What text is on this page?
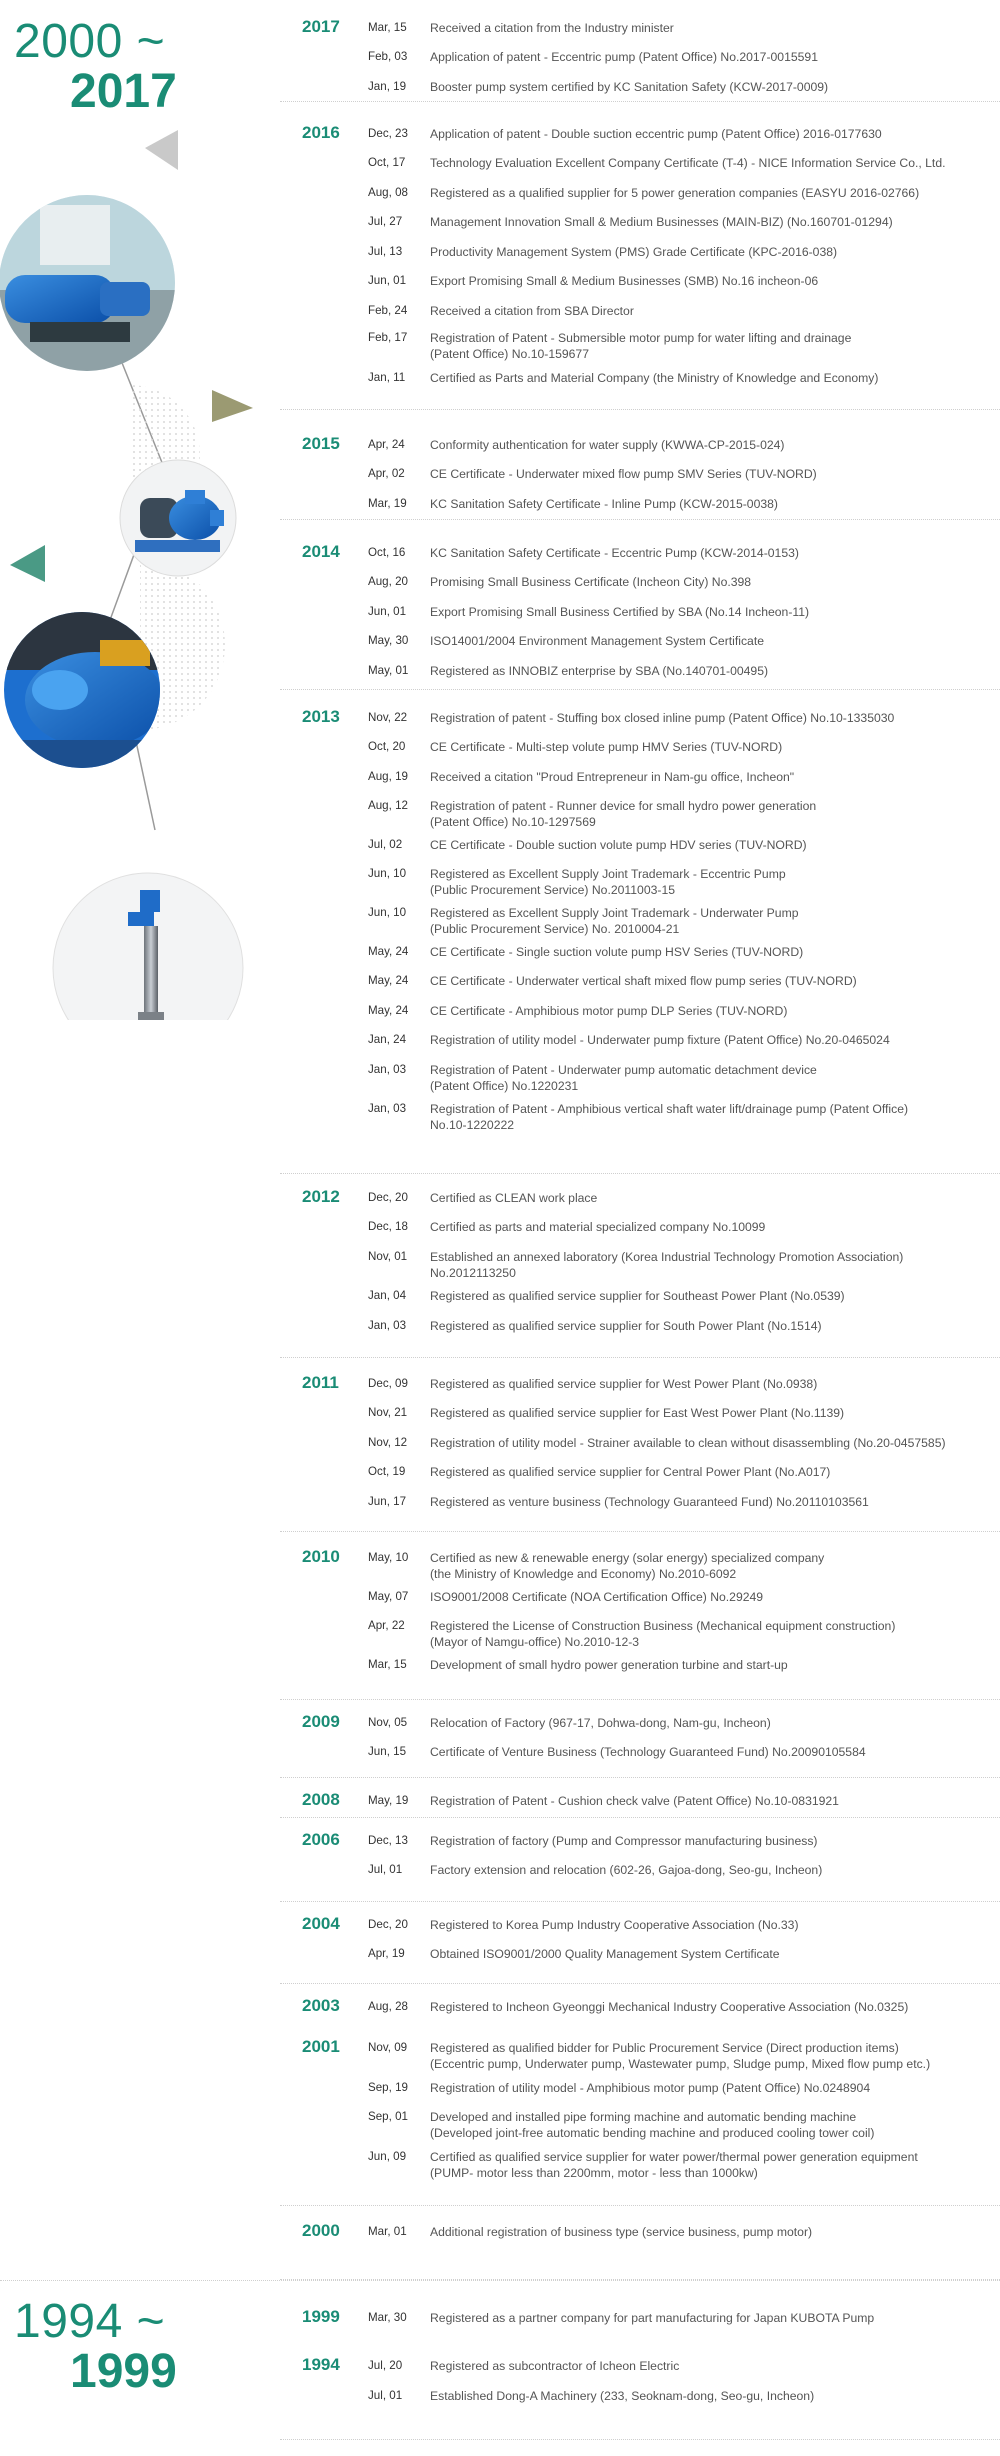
2000 ~
2017
1994 ~
1999
2017 Mar, 15	Received a citation from the Industry minister
Feb, 03	Application of patent - Eccentric pump (Patent Office) No.2017-0015591
Jan, 19	Booster pump system certified by KC Sanitation Safety (KCW-2017-0009)
2016 Dec, 23	Application of patent - Double suction eccentric pump (Patent Office) 2016-0177630
Oct, 17	Technology Evaluation Excellent Company Certificate (T-4) - NICE Information Service Co., Ltd.
Aug, 08	Registered as a qualified supplier for 5 power generation companies (EASYU 2016-02766)
Jul, 27	Management Innovation Small & Medium Businesses (MAIN-BIZ) (No.160701-01294)
Jul, 13	Productivity Management System (PMS) Grade Certificate (KPC-2016-038)
Jun, 01	Export Promising Small & Medium Businesses (SMB) No.16 incheon-06
Feb, 24	Received a citation from SBA Director
Feb, 17	Registration of Patent - Submersible motor pump for water lifting and drainage
(Patent Office) No.10-159677
Jan, 11	Certified as Parts and Material Company (the Ministry of Knowledge and Economy)
2015 Apr, 24	Conformity authentication for water supply (KWWA-CP-2015-024)
Apr, 02	CE Certificate - Underwater mixed flow pump SMV Series (TUV-NORD)
Mar, 19	KC Sanitation Safety Certificate - Inline Pump (KCW-2015-0038)
2014 Oct, 16	KC Sanitation Safety Certificate - Eccentric Pump (KCW-2014-0153)
Aug, 20	Promising Small Business Certificate (Incheon City) No.398
Jun, 01	Export Promising Small Business Certified by SBA (No.14 Incheon-11)
May, 30	ISO14001/2004 Environment Management System Certificate
May, 01	Registered as INNOBIZ enterprise by SBA (No.140701-00495)
2013 Nov, 22	Registration of patent - Stuffing box closed inline pump (Patent Office) No.10-1335030
Oct, 20	CE Certificate - Multi-step volute pump HMV Series (TUV-NORD)
Aug, 19	Received a citation "Proud Entrepreneur in Nam-gu office, Incheon"
Aug, 12	Registration of patent - Runner device for small hydro power generation
(Patent Office) No.10-1297569
Jul, 02	CE Certificate - Double suction volute pump HDV series (TUV-NORD)
Jun, 10	Registered as Excellent Supply Joint Trademark - Eccentric Pump
(Public Procurement Service) No.2011003-15
Jun, 10	Registered as Excellent Supply Joint Trademark - Underwater Pump
(Public Procurement Service) No. 2010004-21
May, 24	CE Certificate - Single suction volute pump HSV Series (TUV-NORD)
May, 24	CE Certificate - Underwater vertical shaft mixed flow pump series (TUV-NORD)
May, 24	CE Certificate - Amphibious motor pump DLP Series (TUV-NORD)
Jan, 24	Registration of utility model - Underwater pump fixture (Patent Office) No.20-0465024
Jan, 03	Registration of Patent - Underwater pump automatic detachment device
(Patent Office) No.1220231
Jan, 03	Registration of Patent - Amphibious vertical shaft water lift/drainage pump (Patent Office)
No.10-1220222
2012 Dec, 20	Certified as CLEAN work place
Dec, 18	Certified as parts and material specialized company No.10099
Nov, 01	Established an annexed laboratory (Korea Industrial Technology Promotion Association)
No.2012113250
Jan, 04	Registered as qualified service supplier for Southeast Power Plant (No.0539)
Jan, 03	Registered as qualified service supplier for South Power Plant (No.1514)
2011	Dec, 09	Registered as qualified service supplier for West Power Plant (No.0938)
Nov, 21	Registered as qualified service supplier for East West Power Plant (No.1139)
Nov, 12	Registration of utility model - Strainer available to clean without disassembling (No.20-0457585)
Oct, 19	Registered as qualified service supplier for Central Power Plant (No.A017)
Jun, 17	Registered as venture business (Technology Guaranteed Fund) No.20110103561
2010 May, 10	Certified as new & renewable energy (solar energy) specialized company
(the Ministry of Knowledge and Economy) No.2010-6092
May, 07	ISO9001/2008 Certificate (NOA Certification Office) No.29249
Apr, 22	Registered the License of Construction Business (Mechanical equipment construction)
(Mayor of Namgu-office) No.2010-12-3
Mar, 15	Development of small hydro power generation turbine and start-up
2009 Nov, 05	Relocation of Factory (967-17, Dohwa-dong, Nam-gu, Incheon)
Jun, 15	Certificate of Venture Business (Technology Guaranteed Fund) No.20090105584
2008 May, 19	Registration of Patent - Cushion check valve (Patent Office) No.10-0831921
2006 Dec, 13	Registration of factory (Pump and Compressor manufacturing business)
Jul, 01	Factory extension and relocation (602-26, Gajoa-dong, Seo-gu, Incheon)
2004 Dec, 20	Registered to Korea Pump Industry Cooperative Association (No.33)
Apr, 19	Obtained ISO9001/2000 Quality Management System Certificate
2003 Aug, 28	Registered to Incheon Gyeonggi Mechanical Industry Cooperative Association (No.0325)
2001 Nov, 09	Registered as qualified bidder for Public Procurement Service (Direct production items)
(Eccentric pump, Underwater pump, Wastewater pump, Sludge pump, Mixed flow pump etc.)
Sep, 19	Registration of utility model - Amphibious motor pump (Patent Office) No.0248904
Sep, 01	Developed and installed pipe forming machine and automatic bending machine
(Developed joint-free automatic bending machine and produced cooling tower coil)
Jun, 09	Certified as qualified service supplier for water power/thermal power generation equipment
(PUMP- motor less than 2200mm, motor - less than 1000kw)
2000 Mar, 01	Additional registration of business type (service business, pump motor)
1999 Mar, 30	Registered as a partner company for part manufacturing for Japan KUBOTA Pump
1994 Jul, 20	Registered as subcontractor of Icheon Electric
Jul, 01	Established Dong-A Machinery (233, Seoknam-dong, Seo-gu, Incheon)
